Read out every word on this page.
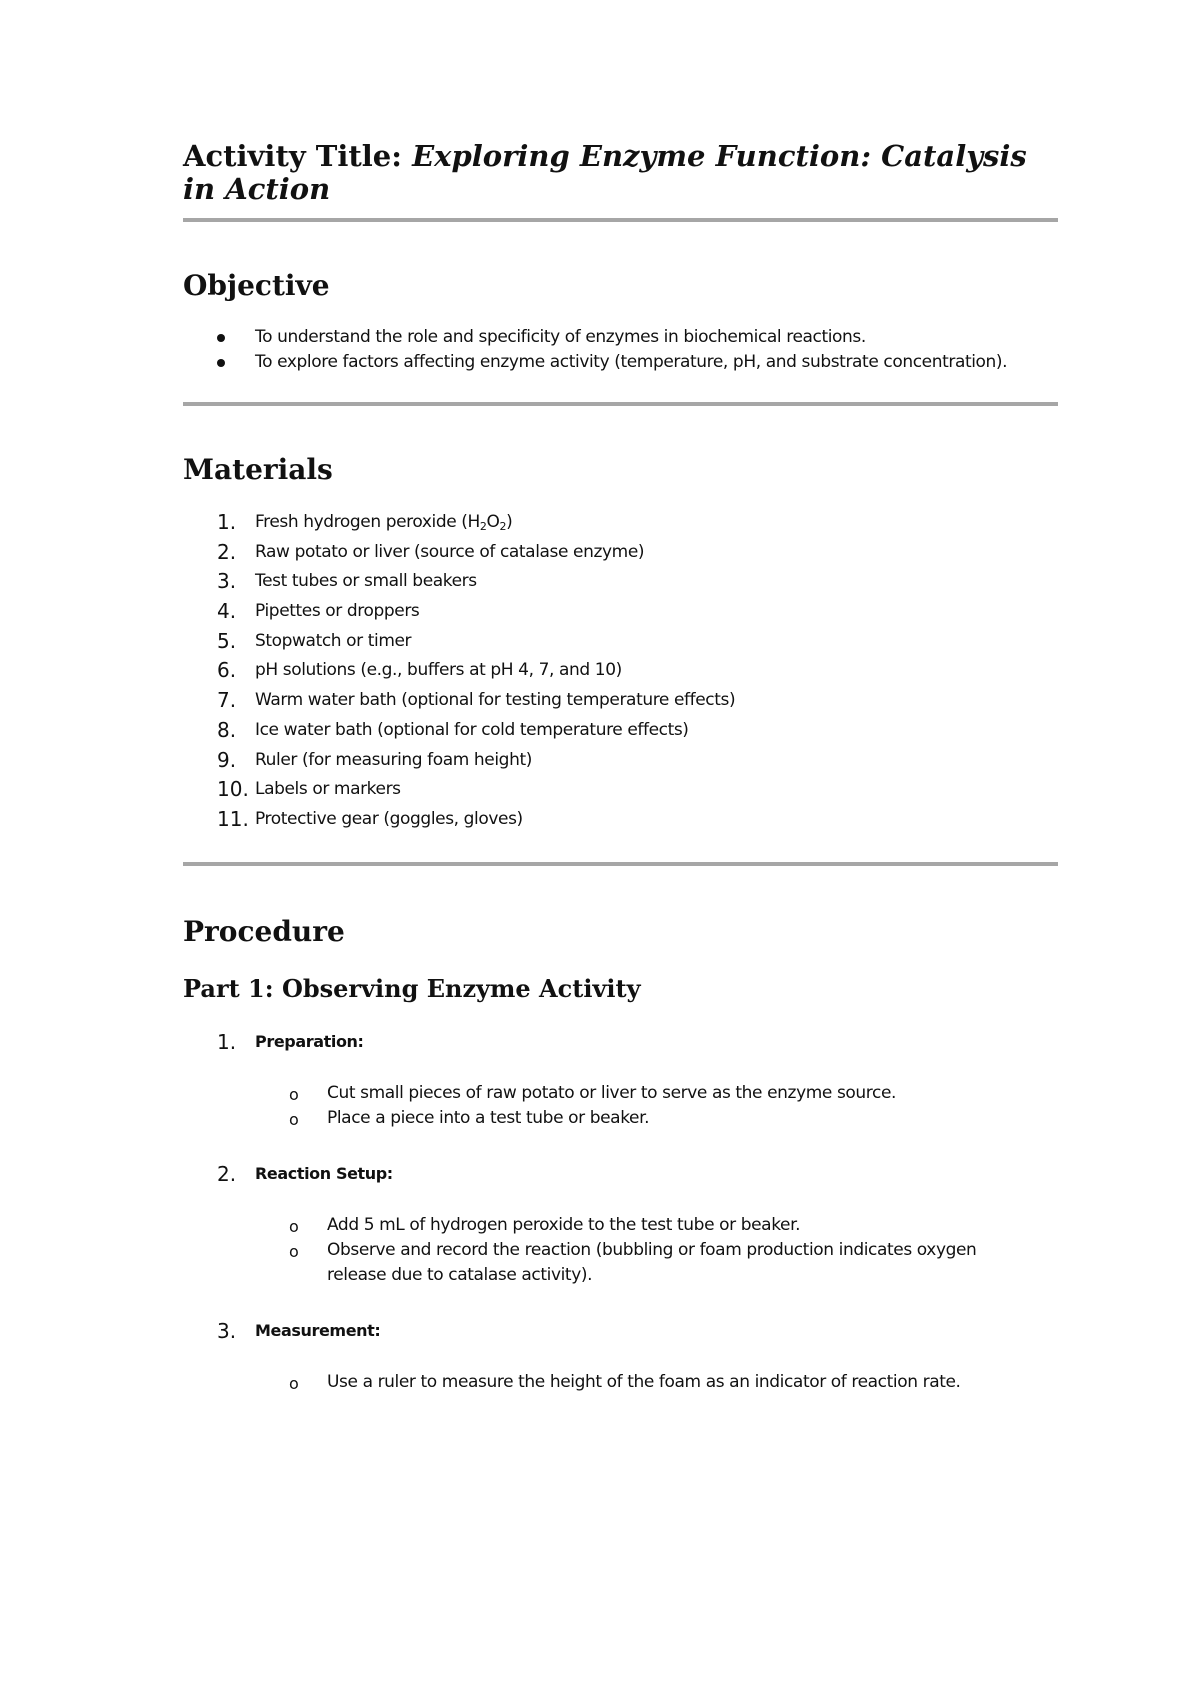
Activity Title: Exploring Enzyme Function: Catalysis in Action
Objective
To understand the role and specificity of enzymes in biochemical reactions.
To explore factors affecting enzyme activity (temperature, pH, and substrate concentration).
Materials
1. Fresh hydrogen peroxide $(H_2O_2)$
2. Raw potato or liver (source of catalase enzyme)
3. Test tubes or small beakers
4. Pipettes or droppers
5. Stopwatch or timer
6. pH solutions (e.g., buffers at pH 4, 7, and 10)
7. Warm water bath (optional for testing temperature effects)
8. Ice water bath (optional for cold temperature effects)
9. Ruler (for measuring foam height)
10. Labels or markers
11. Protective gear (goggles, gloves)
Procedure
Part 1: Observing Enzyme Activity
1. Preparation:
o Cut small pieces of raw potato or liver to serve as the enzyme source.
o Place a piece into a test tube or beaker.
2. Reaction Setup:
o Add 5 mL of hydrogen peroxide to the test tube or beaker.
o Observe and record the reaction (bubbling or foam production indicates oxygen release due to catalase activity).
3. Measurement:
o Use a ruler to measure the height of the foam as an indicator of reaction rate.
